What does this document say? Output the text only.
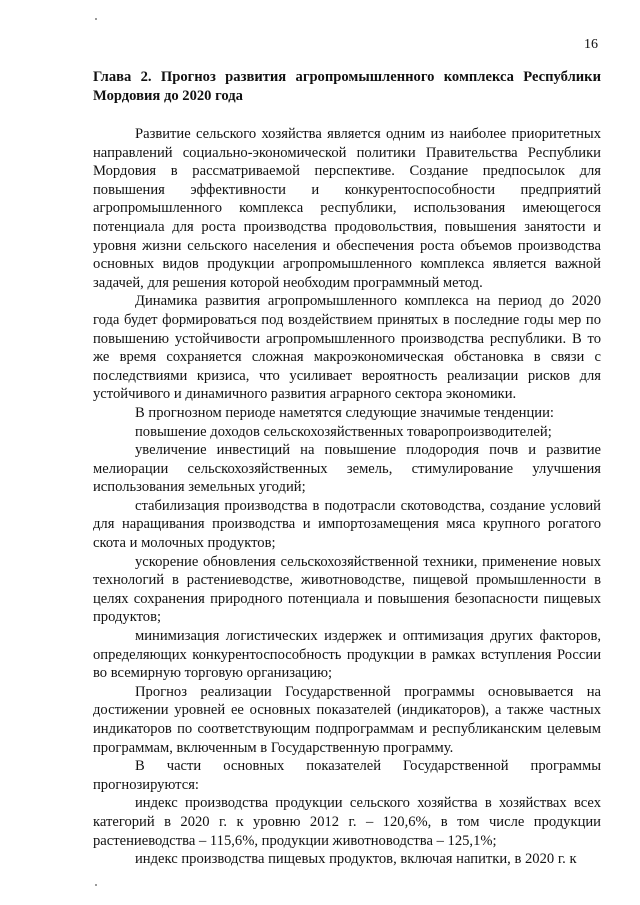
16
Глава 2. Прогноз развития агропромышленного комплекса Республики Мордовия до 2020 года

Развитие сельского хозяйства является одним из наиболее приоритетных направлений социально-экономической политики Правительства Республики Мордовия в рассматриваемой перспективе. Создание предпосылок для повышения эффективности и конкурентоспособности предприятий агропромышленного комплекса республики, использования имеющегося потенциала для роста производства продовольствия, повышения занятости и уровня жизни сельского населения и обеспечения роста объемов производства основных видов продукции агропромышленного комплекса является важной задачей, для решения которой необходим программный метод.

Динамика развития агропромышленного комплекса на период до 2020 года будет формироваться под воздействием принятых в последние годы мер по повышению устойчивости агропромышленного производства республики. В то же время сохраняется сложная макроэкономическая обстановка в связи с последствиями кризиса, что усиливает вероятность реализации рисков для устойчивого и динамичного развития аграрного сектора экономики.

В прогнозном периоде наметятся следующие значимые тенденции:

повышение доходов сельскохозяйственных товаропроизводителей;

увеличение инвестиций на повышение плодородия почв и развитие мелиорации сельскохозяйственных земель, стимулирование улучшения использования земельных угодий;

стабилизация производства в подотрасли скотоводства, создание условий для наращивания производства и импортозамещения мяса крупного рогатого скота и молочных продуктов;

ускорение обновления сельскохозяйственной техники, применение новых технологий в растениеводстве, животноводстве, пищевой промышленности в целях сохранения природного потенциала и повышения безопасности пищевых продуктов;

минимизация логистических издержек и оптимизация других факторов, определяющих конкурентоспособность продукции в рамках вступления России во всемирную торговую организацию;

Прогноз реализации Государственной программы основывается на достижении уровней ее основных показателей (индикаторов), а также частных индикаторов по соответствующим подпрограммам и республиканским целевым программам, включенным в Государственную программу.

В части основных показателей Государственной программы прогнозируются:

индекс производства продукции сельского хозяйства в хозяйствах всех категорий в 2020 г. к уровню 2012 г. – 120,6%, в том числе продукции растениеводства – 115,6%, продукции животноводства – 125,1%;

индекс производства пищевых продуктов, включая напитки, в 2020 г. к
